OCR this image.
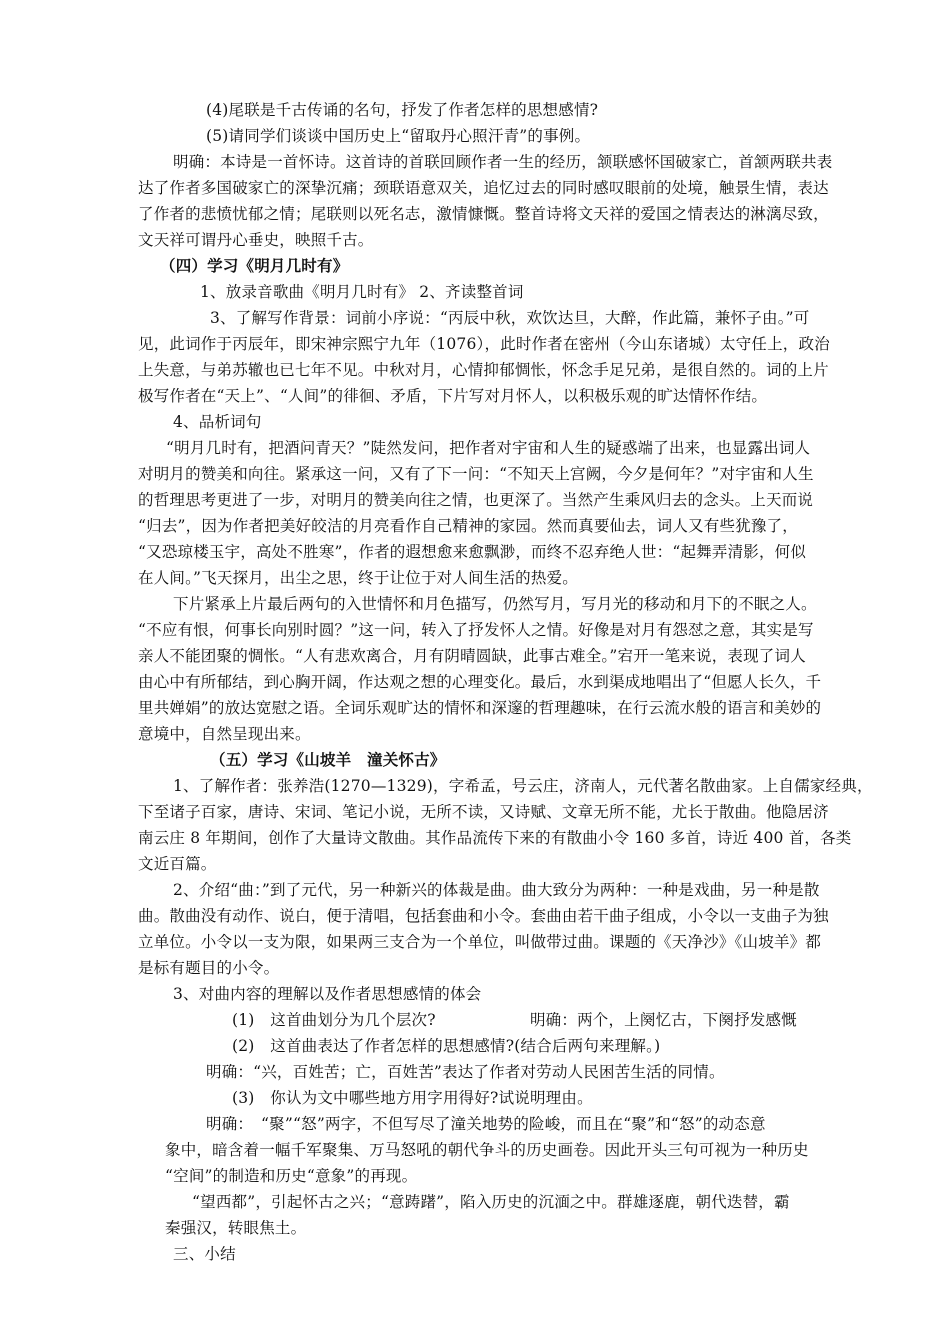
(4)尾联是千古传诵的名句，抒发了作者怎样的思想感情?
(5)请同学们谈谈中国历史上“留取丹心照汗青”的事例。
明确：本诗是一首怀诗。这首诗的首联回顾作者一生的经历，颔联感怀国破家亡，首颔两联共表
达了作者多国破家亡的深挚沉痛；颈联语意双关，追忆过去的同时感叹眼前的处境，触景生情，表达
了作者的悲愤忧郁之情；尾联则以死名志，激情慷慨。整首诗将文天祥的爱国之情表达的淋漓尽致，
文天祥可谓丹心垂史，映照千古。
（四）学习《明月几时有》
1、放录音歌曲《明月几时有》 2、齐读整首词
3、了解写作背景：词前小序说：“丙辰中秋，欢饮达旦，大醉，作此篇，兼怀子由。”可
见，此词作于丙辰年，即宋神宗熙宁九年（1076），此时作者在密州（今山东诸城）太守任上，政治
上失意，与弟苏辙也已七年不见。中秋对月，心情抑郁惆怅，怀念手足兄弟，是很自然的。词的上片
极写作者在“天上”、“人间”的徘徊、矛盾，下片写对月怀人，以积极乐观的旷达情怀作结。
4、品析词句
“明月几时有，把酒问青天？”陡然发问，把作者对宇宙和人生的疑惑端了出来，也显露出词人
对明月的赞美和向往。紧承这一问，又有了下一问：“不知天上宫阙，今夕是何年？”对宇宙和人生
的哲理思考更进了一步，对明月的赞美向往之情，也更深了。当然产生乘风归去的念头。上天而说
“归去”，因为作者把美好皎洁的月亮看作自己精神的家园。然而真要仙去，词人又有些犹豫了，
“又恐琼楼玉宇，高处不胜寒”，作者的遐想愈来愈飘渺，而终不忍弃绝人世：“起舞弄清影，何似
在人间。”飞天探月，出尘之思，终于让位于对人间生活的热爱。
下片紧承上片最后两句的入世情怀和月色描写，仍然写月，写月光的移动和月下的不眠之人。
“不应有恨，何事长向别时圆？”这一问，转入了抒发怀人之情。好像是对月有怨怼之意，其实是写
亲人不能团聚的惆怅。“人有悲欢离合，月有阴晴圆缺，此事古难全。”宕开一笔来说，表现了词人
由心中有所郁结，到心胸开阔，作达观之想的心理变化。最后，水到渠成地唱出了“但愿人长久，千
里共婵娟”的放达宽慰之语。全词乐观旷达的情怀和深邃的哲理趣味，在行云流水般的语言和美妙的
意境中，自然呈现出来。
（五）学习《山坡羊　潼关怀古》
1、了解作者：张养浩(1270—1329)，字希孟，号云庄，济南人，元代著名散曲家。上自儒家经典，
下至诸子百家，唐诗、宋词、笔记小说，无所不读，又诗赋、文章无所不能，尤长于散曲。他隐居济
南云庄 8 年期间，创作了大量诗文散曲。其作品流传下来的有散曲小令 160 多首，诗近 400 首，各类
文近百篇。
2、介绍“曲：”到了元代，另一种新兴的体裁是曲。曲大致分为两种：一种是戏曲，另一种是散
曲。散曲没有动作、说白，便于清唱，包括套曲和小令。套曲由若干曲子组成，小令以一支曲子为独
立单位。小令以一支为限，如果两三支合为一个单位，叫做带过曲。课题的《天净沙》《山坡羊》都
是标有题目的小令。
3、对曲内容的理解以及作者思想感情的体会
(1)　这首曲划分为几个层次?　　　　　　明确：两个，上阕忆古，下阕抒发感慨
(2)　这首曲表达了作者怎样的思想感情?(结合后两句来理解。)
明确：“兴，百姓苦；亡，百姓苦”表达了作者对劳动人民困苦生活的同情。
(3)　你认为文中哪些地方用字用得好?试说明理由。
明确：　“聚”“怒”两字，不但写尽了潼关地势的险峻，而且在“聚”和“怒”的动态意
象中，暗含着一幅千军聚集、万马怒吼的朝代争斗的历史画卷。因此开头三句可视为一种历史
“空间”的制造和历史“意象”的再现。
“望西都”，引起怀古之兴；“意踌躇”，陷入历史的沉湎之中。群雄逐鹿，朝代迭替，霸
秦强汉，转眼焦土。
三、小结
